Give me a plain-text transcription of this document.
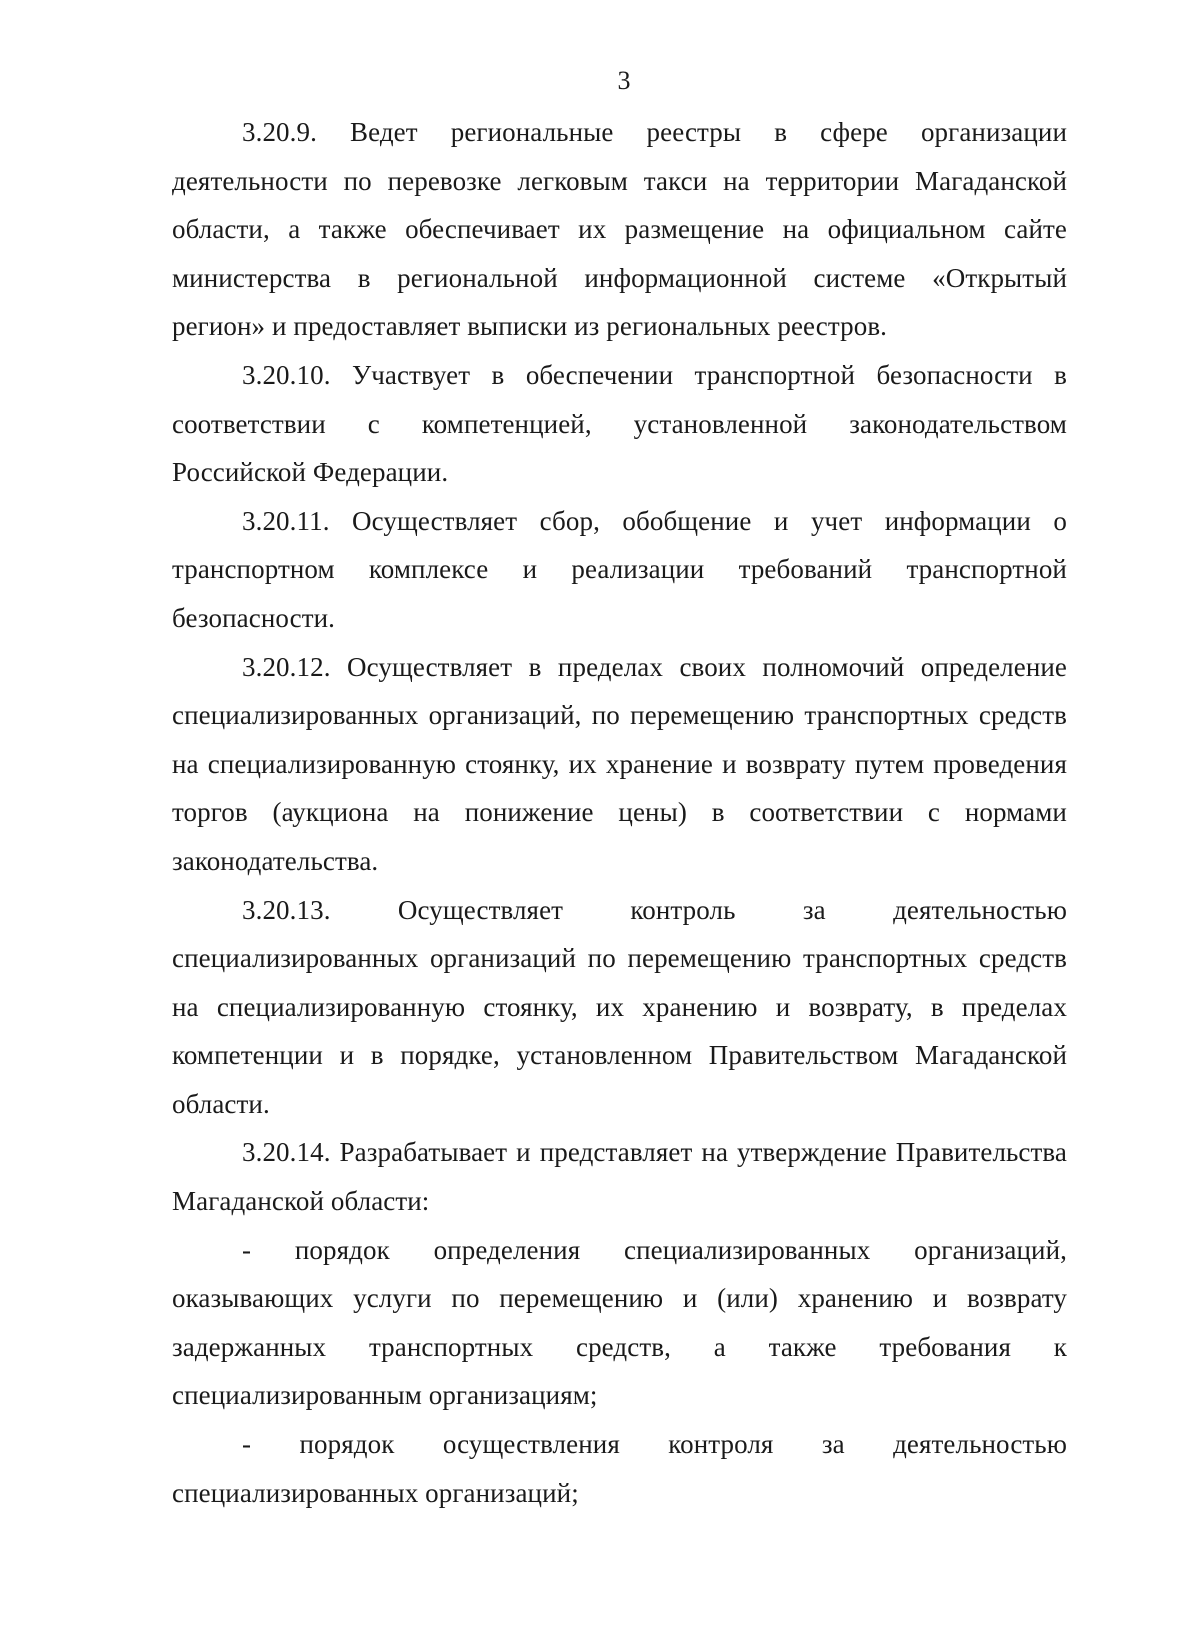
3

3.20.9. Ведет региональные реестры в сфере организации деятельности по перевозке легковым такси на территории Магаданской области, а также обеспечивает их размещение на официальном сайте министерства в региональной информационной системе «Открытый регион» и предоставляет выписки из региональных реестров.

3.20.10. Участвует в обеспечении транспортной безопасности в соответствии с компетенцией, установленной законодательством Российской Федерации.

3.20.11. Осуществляет сбор, обобщение и учет информации о транспортном комплексе и реализации требований транспортной безопасности.

3.20.12. Осуществляет в пределах своих полномочий определение специализированных организаций, по перемещению транспортных средств на специализированную стоянку, их хранение и возврату путем проведения торгов (аукциона на понижение цены) в соответствии с нормами законодательства.

3.20.13. Осуществляет контроль за деятельностью специализированных организаций по перемещению транспортных средств на специализированную стоянку, их хранению и возврату, в пределах компетенции и в порядке, установленном Правительством Магаданской области.

3.20.14. Разрабатывает и представляет на утверждение Правительства Магаданской области:

- порядок определения специализированных организаций, оказывающих услуги по перемещению и (или) хранению и возврату задержанных транспортных средств, а также требования к специализированным организациям;

- порядок осуществления контроля за деятельностью специализированных организаций;
